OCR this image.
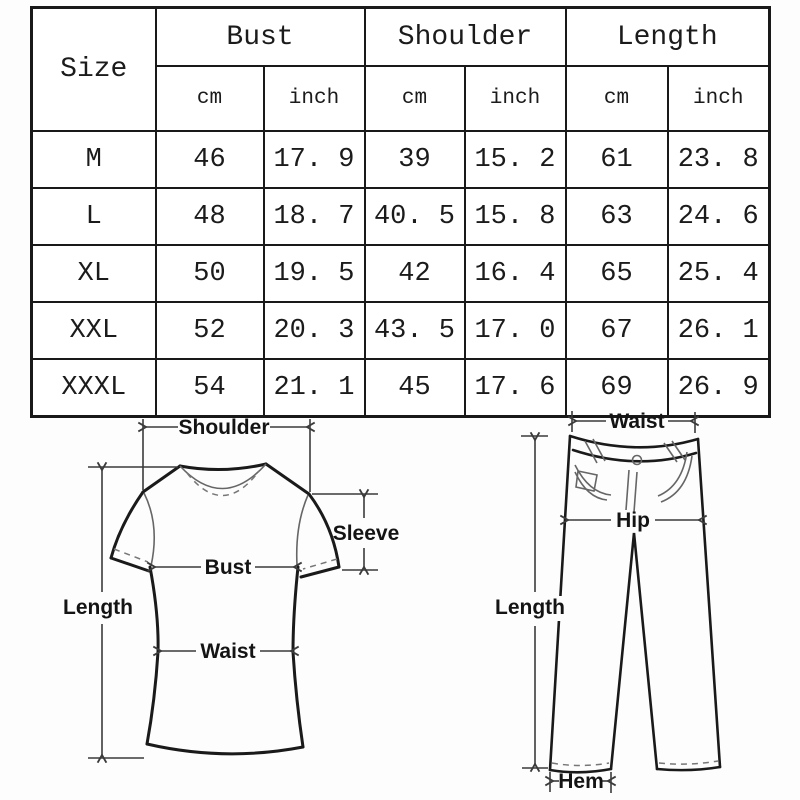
Size	Bust		Shoulder		Length	
	cm	inch	cm	inch	cm	inch
M	46	17. 9	39	15. 2	61	23. 8
L	48	18. 7	40. 5	15. 8	63	24. 6
XL	50	19. 5	42	16. 4	65	25. 4
XXL	52	20. 3	43. 5	17. 0	67	26. 1
XXXL	54	21. 1	45	17. 6	69	26. 9
Shoulder
Sleeve
Bust
Waist
Length
Waist
Hip
Length
Hem
